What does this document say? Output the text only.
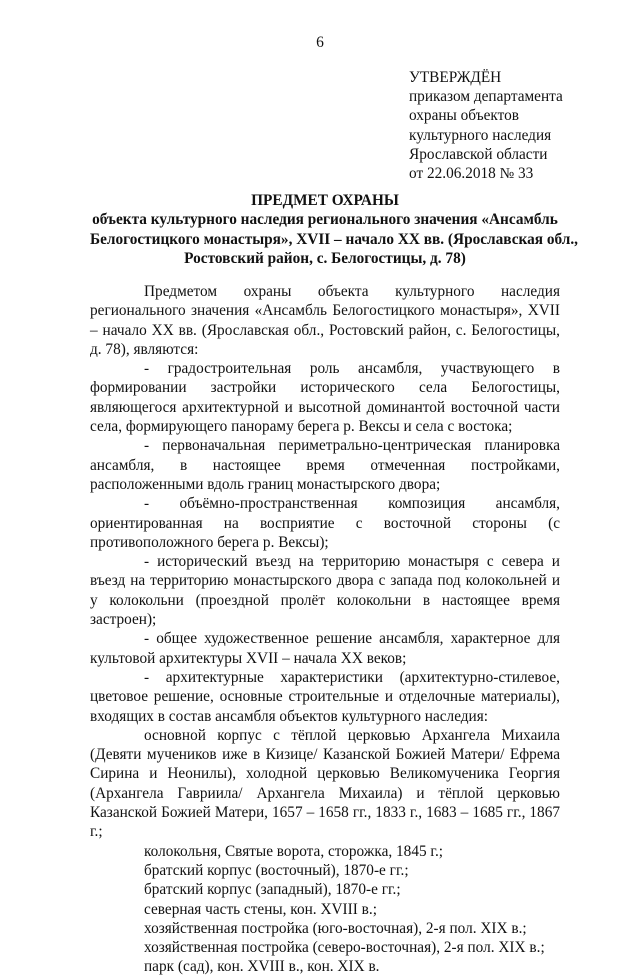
6
УТВЕРЖДЁН
приказом департамента
охраны объектов
культурного наследия
Ярославской области
от 22.06.2018 № 33
ПРЕДМЕТ ОХРАНЫ
объекта культурного наследия регионального значения «Ансамбль
Белогостицкого монастыря», XVII – начало XX вв. (Ярославская обл.,
Ростовский район, с. Белогостицы, д. 78)

Предметом охраны объекта культурного наследия регионального значения «Ансамбль Белогостицкого монастыря», XVII – начало XX вв. (Ярославская обл., Ростовский район, с. Белогостицы, д. 78), являются:

- градостроительная роль ансамбля, участвующего в формировании застройки исторического села Белогостицы, являющегося архитектурной и высотной доминантой восточной части села, формирующего панораму берега р. Вексы и села с востока;

- первоначальная периметрально-центрическая планировка ансамбля, в настоящее время отмеченная постройками, расположенными вдоль границ монастырского двора;

- объёмно-пространственная композиция ансамбля, ориентированная на восприятие с восточной стороны (с противоположного берега р. Вексы);

- исторический въезд на территорию монастыря с севера и въезд на территорию монастырского двора с запада под колокольней и у колокольни (проездной пролёт колокольни в настоящее время застроен);

- общее художественное решение ансамбля, характерное для культовой архитектуры XVII – начала XX веков;

- архитектурные характеристики (архитектурно-стилевое, цветовое решение, основные строительные и отделочные материалы), входящих в состав ансамбля объектов культурного наследия:

основной корпус с тёплой церковью Архангела Михаила (Девяти мучеников иже в Кизице/ Казанской Божией Матери/ Ефрема Сирина и Неонилы), холодной церковью Великомученика Георгия (Архангела Гавриила/ Архангела Михаила) и тёплой церковью Казанской Божией Матери, 1657 – 1658 гг., 1833 г., 1683 – 1685 гг., 1867 г.;

колокольня, Святые ворота, сторожка, 1845 г.;

братский корпус (восточный), 1870-е гг.;

братский корпус (западный), 1870-е гг.;

северная часть стены, кон. XVIII в.;

хозяйственная постройка (юго-восточная), 2-я пол. XIX в.;

хозяйственная постройка (северо-восточная), 2-я пол. XIX в.;

парк (сад), кон. XVIII в., кон. XIX в.
